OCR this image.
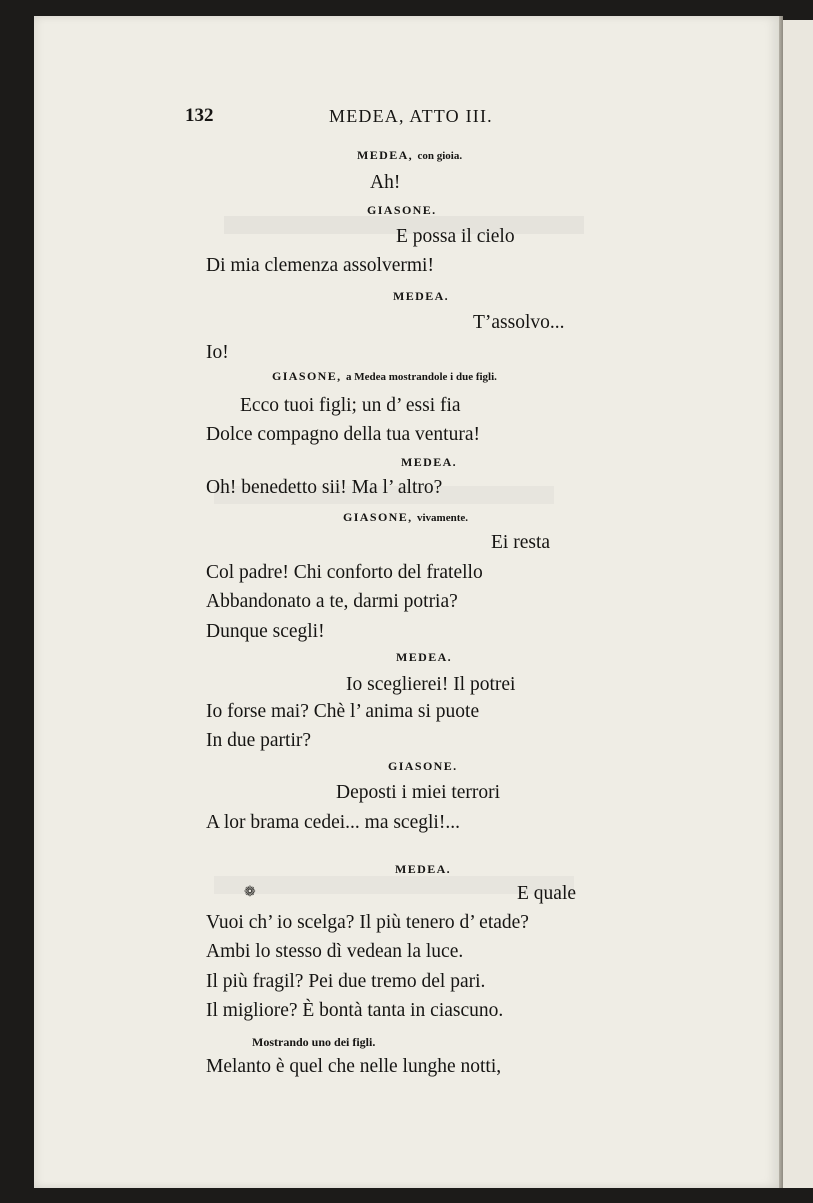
132	MEDEA, ATTO III.
MEDEA, con gioia.
Ah!
GIASONE.
E possa il cielo
Di mia clemenza assolvermi!
MEDEA.
T’assolvo...
Io!
GIASONE, a Medea mostrandole i due figli.
Ecco tuoi figli; un d’ essi fia
Dolce compagno della tua ventura!
MEDEA.
Oh! benedetto sii! Ma l’ altro?
GIASONE, vivamente.
Ei resta
Col padre! Chi conforto del fratello
Abbandonato a te, darmi potria?
Dunque scegli!
MEDEA.
Io sceglierei! Il potrei
Io forse mai? Chè l’ anima si puote
In due partir?
GIASONE.
Deposti i miei terrori
A lor brama cedei... ma scegli!...
MEDEA.
❁	E quale
Vuoi ch’ io scelga? Il più tenero d’ etade?
Ambi lo stesso dì vedean la luce.
Il più fragil? Pei due tremo del pari.
Il migliore? È bontà tanta in ciascuno.
Mostrando uno dei figli.
Melanto è quel che nelle lunghe notti,
